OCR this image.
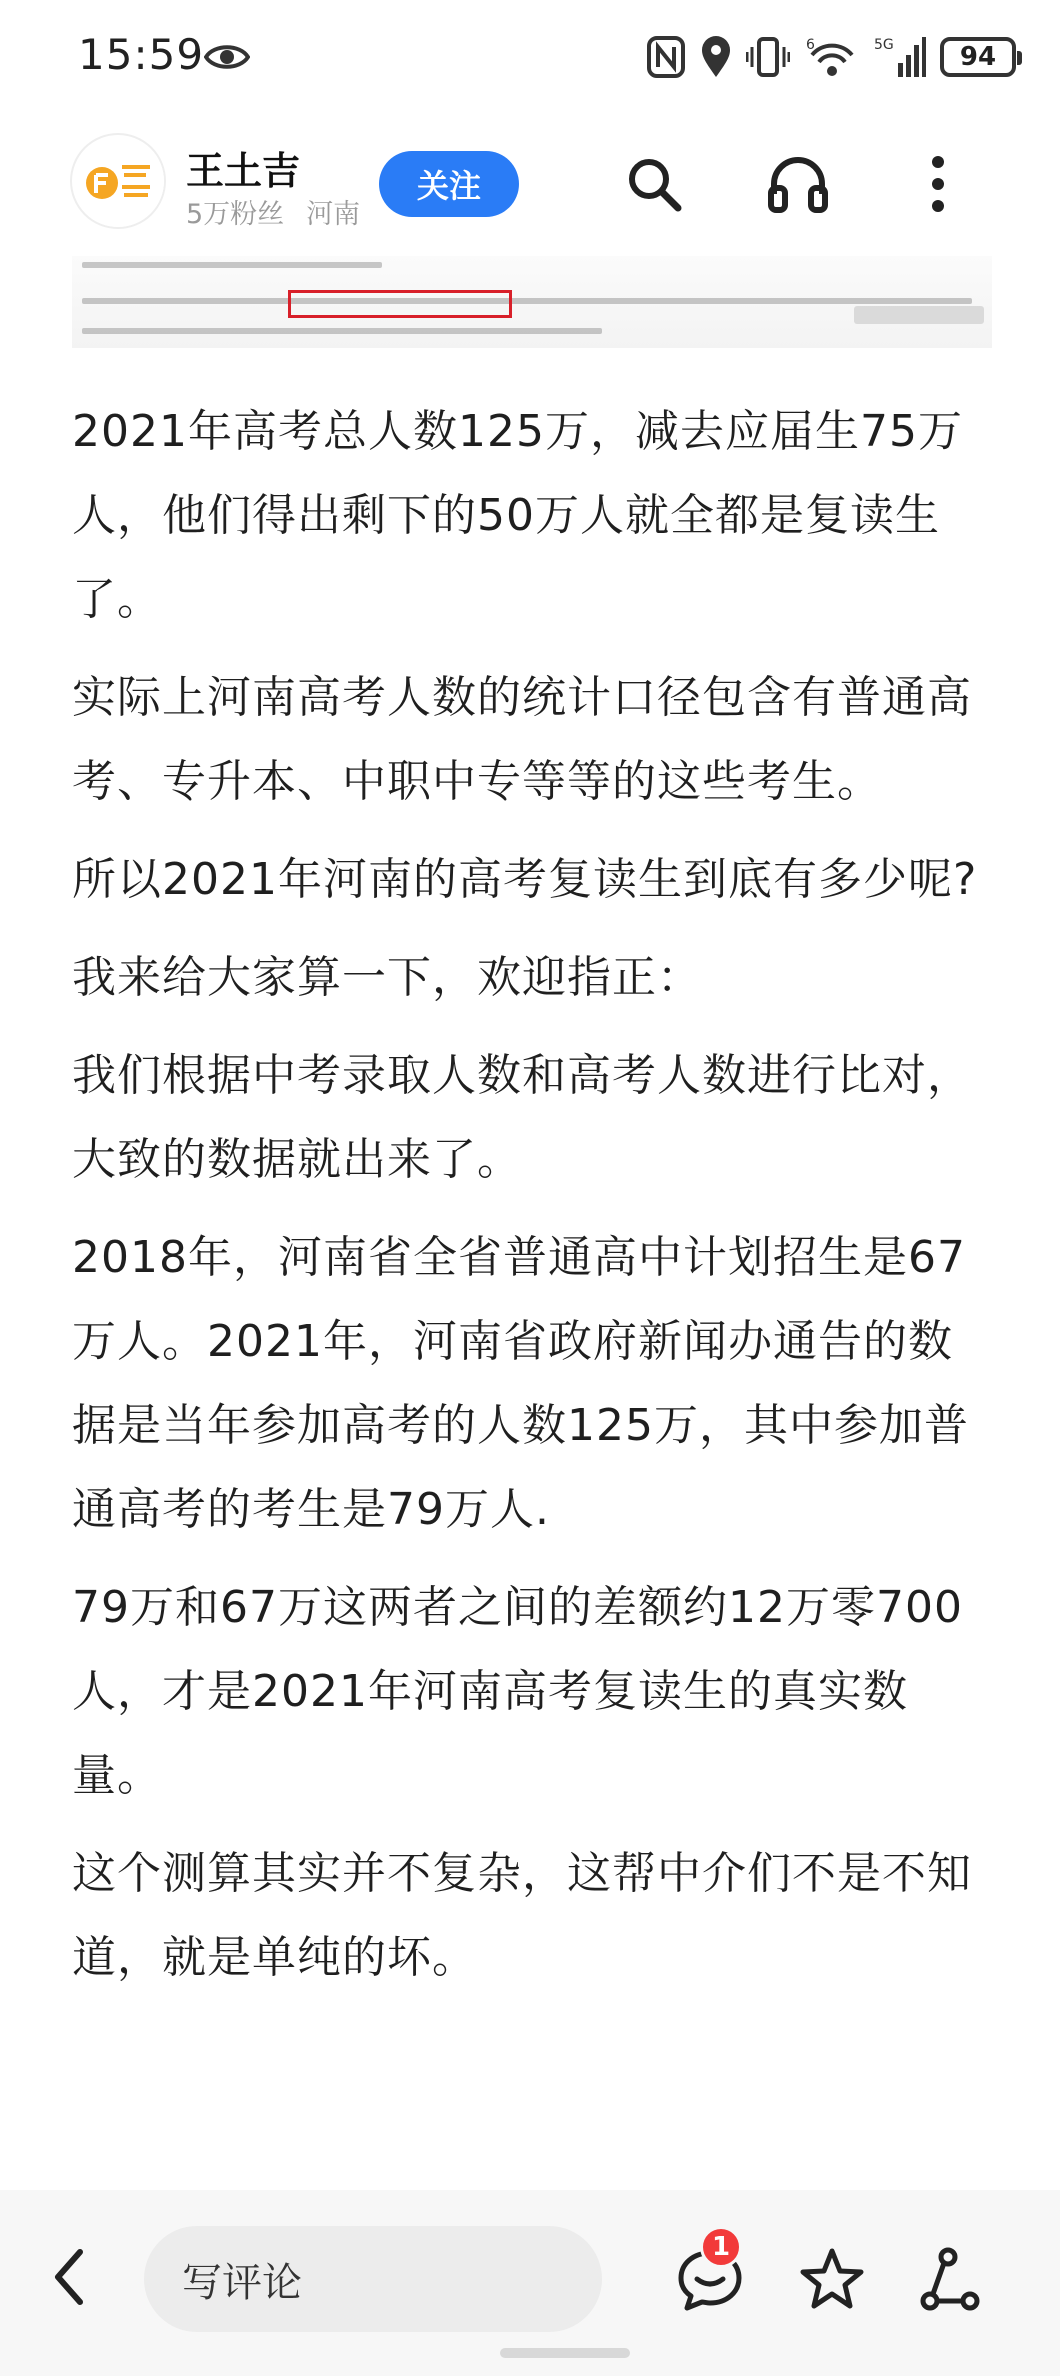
15:59	6	5G	94
王土吉
5万粉丝 河南
关注

2021年高考总人数125万，减去应届生75万人，他们得出剩下的50万人就全都是复读生了。

实际上河南高考人数的统计口径包含有普通高考、专升本、中职中专等等的这些考生。

所以2021年河南的高考复读生到底有多少呢?

我来给大家算一下，欢迎指正：

我们根据中考录取人数和高考人数进行比对，大致的数据就出来了。

2018年，河南省全省普通高中计划招生是67万人。2021年，河南省政府新闻办通告的数据是当年参加高考的人数125万，其中参加普通高考的考生是79万人.

79万和67万这两者之间的差额约12万零700人，才是2021年河南高考复读生的真实数量。

这个测算其实并不复杂，这帮中介们不是不知道，就是单纯的坏。

写评论
1
